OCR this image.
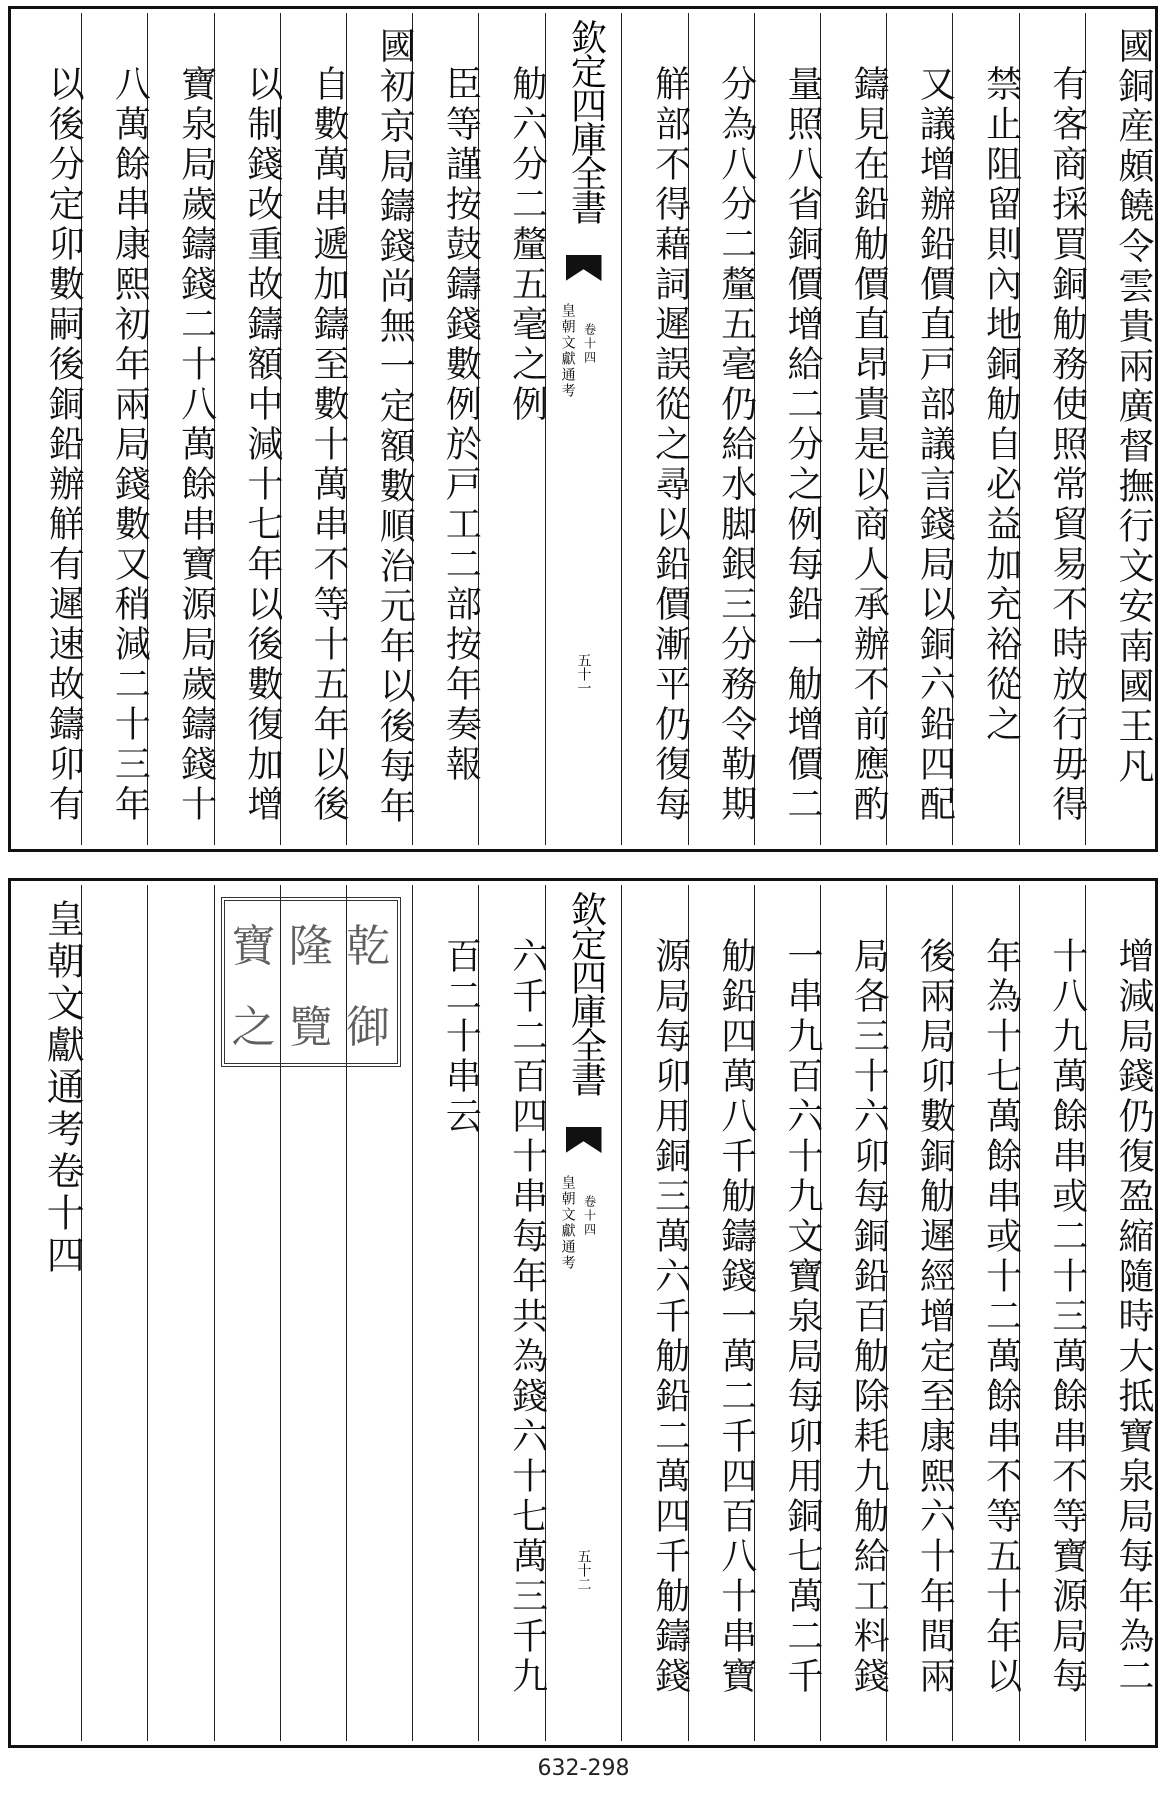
國銅産頗饒令雲貴兩廣督撫行文安南國王凡
有客商採買銅觔務使照常貿易不時放行毋得
禁止阻留則內地銅觔自必益加充裕從之
又議增辦鉛價直戸部議言錢局以銅六鉛四配
鑄見在鉛觔價直昂貴是以商人承辦不前應酌
量照八省銅價增給二分之例每鉛一觔增價二
分為八分二釐五毫仍給水脚銀三分務令勒期
觧部不得藉詞遲誤從之尋以鉛價漸平仍復每
欽定四庫全書
皇朝文獻通考 卷十四
五十一
觔六分二釐五毫之例
臣等謹按鼓鑄錢數例於戸工二部按年奏報
國初京局鑄錢尚無一定額數順治元年以後每年
自數萬串遞加鑄至數十萬串不等十五年以後
以制錢改重故鑄額中減十七年以後數復加增
寶泉局歲鑄錢二十八萬餘串寶源局歲鑄錢十
八萬餘串康熙初年兩局錢數又稍減二十三年
以後分定卯數嗣後銅鉛辦觧有遲速故鑄卯有
增減局錢仍復盈縮隨時大抵寶泉局每年為二
十八九萬餘串或二十三萬餘串不等寶源局每
年為十七萬餘串或十二萬餘串不等五十年以
後兩局卯數銅觔遲經增定至康熙六十年間兩
局各三十六卯每銅鉛百觔除耗九觔給工料錢
一串九百六十九文寶泉局每卯用銅七萬二千
觔鉛四萬八千觔鑄錢一萬二千四百八十串寶
源局每卯用銅三萬六千觔鉛二萬四千觔鑄錢
欽定四庫全書
皇朝文獻通考 卷十四
五十二
六千二百四十串每年共為錢六十七萬三千九
百二十串云
寶 隆 乾
之 覽 御
皇朝文獻通考卷十四
632-298
